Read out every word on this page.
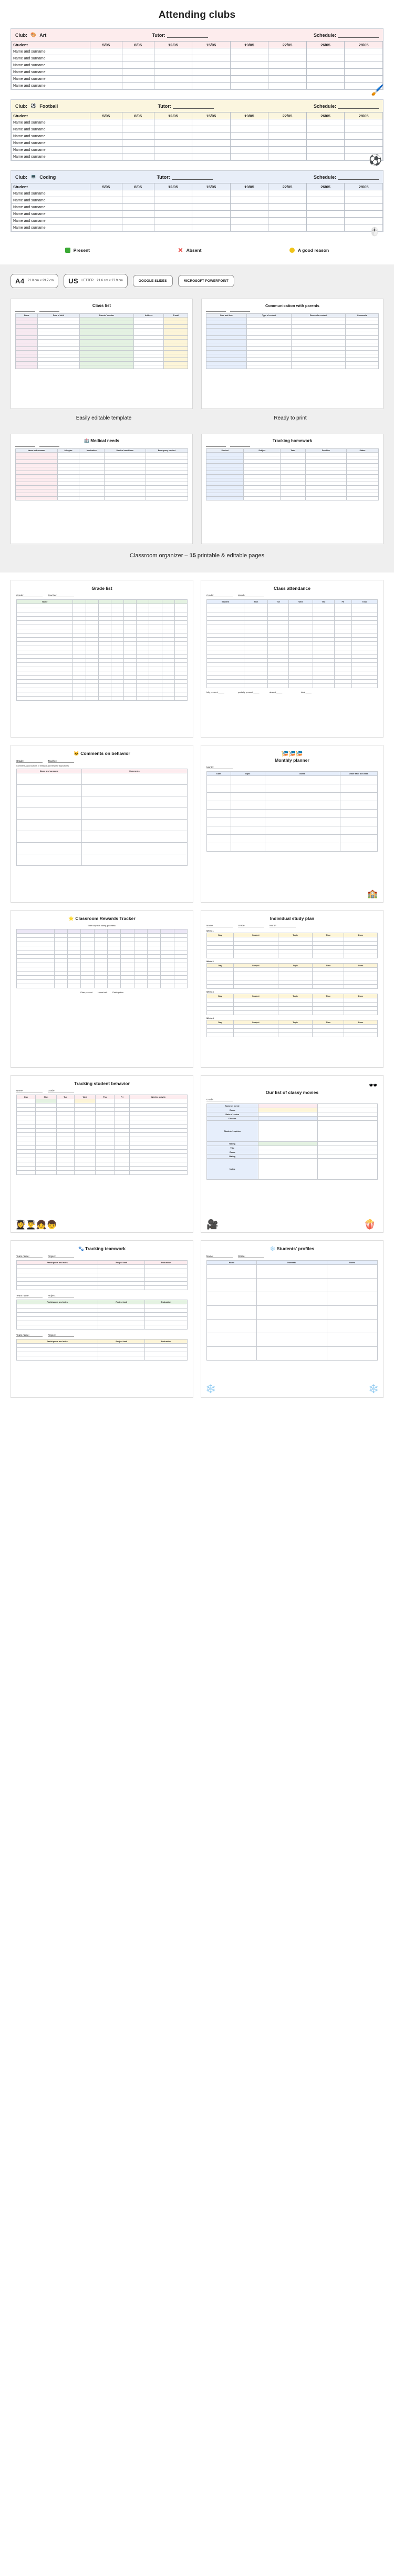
Attending clubs
Club: 🎨 Art	Tutor:	Schedule:
Student	5/05	8/05	12/05	15/05	19/05	22/05	26/05	29/05
Name and surname								
Name and surname								
Name and surname								
Name and surname								
Name and surname								
Name and surname									🖌️
Club: ⚽ Football	Tutor:	Schedule:
Student	5/05	8/05	12/05	15/05	19/05	22/05	26/05	29/05
Name and surname								
Name and surname								
Name and surname								
Name and surname								
Name and surname								
Name and surname									⚽
Club: 💻 Coding	Tutor:	Schedule:
Student	5/05	8/05	12/05	15/05	19/05	22/05	26/05	29/05
Name and surname								
Name and surname								
Name and surname								
Name and surname								
Name and surname								
Name and surname									🖱️
Present	✕ Absent	A good reason
A4 21.0 cm × 29.7 cm US LETTER 21.6 cm × 27.9 cm	GOOGLE SLIDES	MICROSOFT POWERPOINT
Class list
Name	Date of birth	Parents' number	Address	E-mail

Communication with parents
Date and time	Type of contact	Reason for contact	Comments

Easily editable template	Ready to print
🏥 Medical needs
Name and surname	Allergies	Medication	Medical conditions	Emergency contact

Tracking homework
Student	Subject	Task	Deadline	Status

Classroom organizer – 15 printable & editable pages
Grade list
Grade:	Teacher:
Name									

Class attendance
Grade:	Month:
Student	Mon	Tue	Wed	Thu	Fri	Total

fully present _____	partially present _____	absent _____	total _____
🐱 Comments on behavior
Grade:	Teacher:
Comments, good actions of behavior and behavior approaches
Name and surname	Comments

🎏🎏🎏
Monthly planner
Month:
Date	Topic	Notes	Other after the week

🏫
⭐ Classroom Rewards Tracker
Enter day in a stamp goodness!

Class present	Home task	Participation
Individual study plan
Name:	Grade:	Month:
Week 1
Day	Subject	Topic	Time	Done

Week 2
Day	Subject	Topic	Time	Done

Week 3
Day	Subject	Topic	Time	Done

Week 4
Day	Subject	Topic	Time	Done

Tracking student behavior
Name:	Grade:
Day	Mon	Tue	Wed	Thu	Fri	Weekly activity

👩‍🎓👨‍🎓👧👦
🕶️
Our list of classy movies
Grade:
Name of movie		
Genre		
Date of review		
Director		
Students' opinion		
Rating		
Title		
Genre		
Rating		
Notes		
🎥	🍿
🐾 Tracking teamwork
Team name:	Project:
Participants and roles	Project task	Evaluation

Team name:	Project:
Participants and roles	Project task	Evaluation

Team name:	Project:
Participants and roles	Project task	Evaluation

❄️ Students' profiles
Name:	Grade:
Name	Interests	Notes

❄️	❄️
